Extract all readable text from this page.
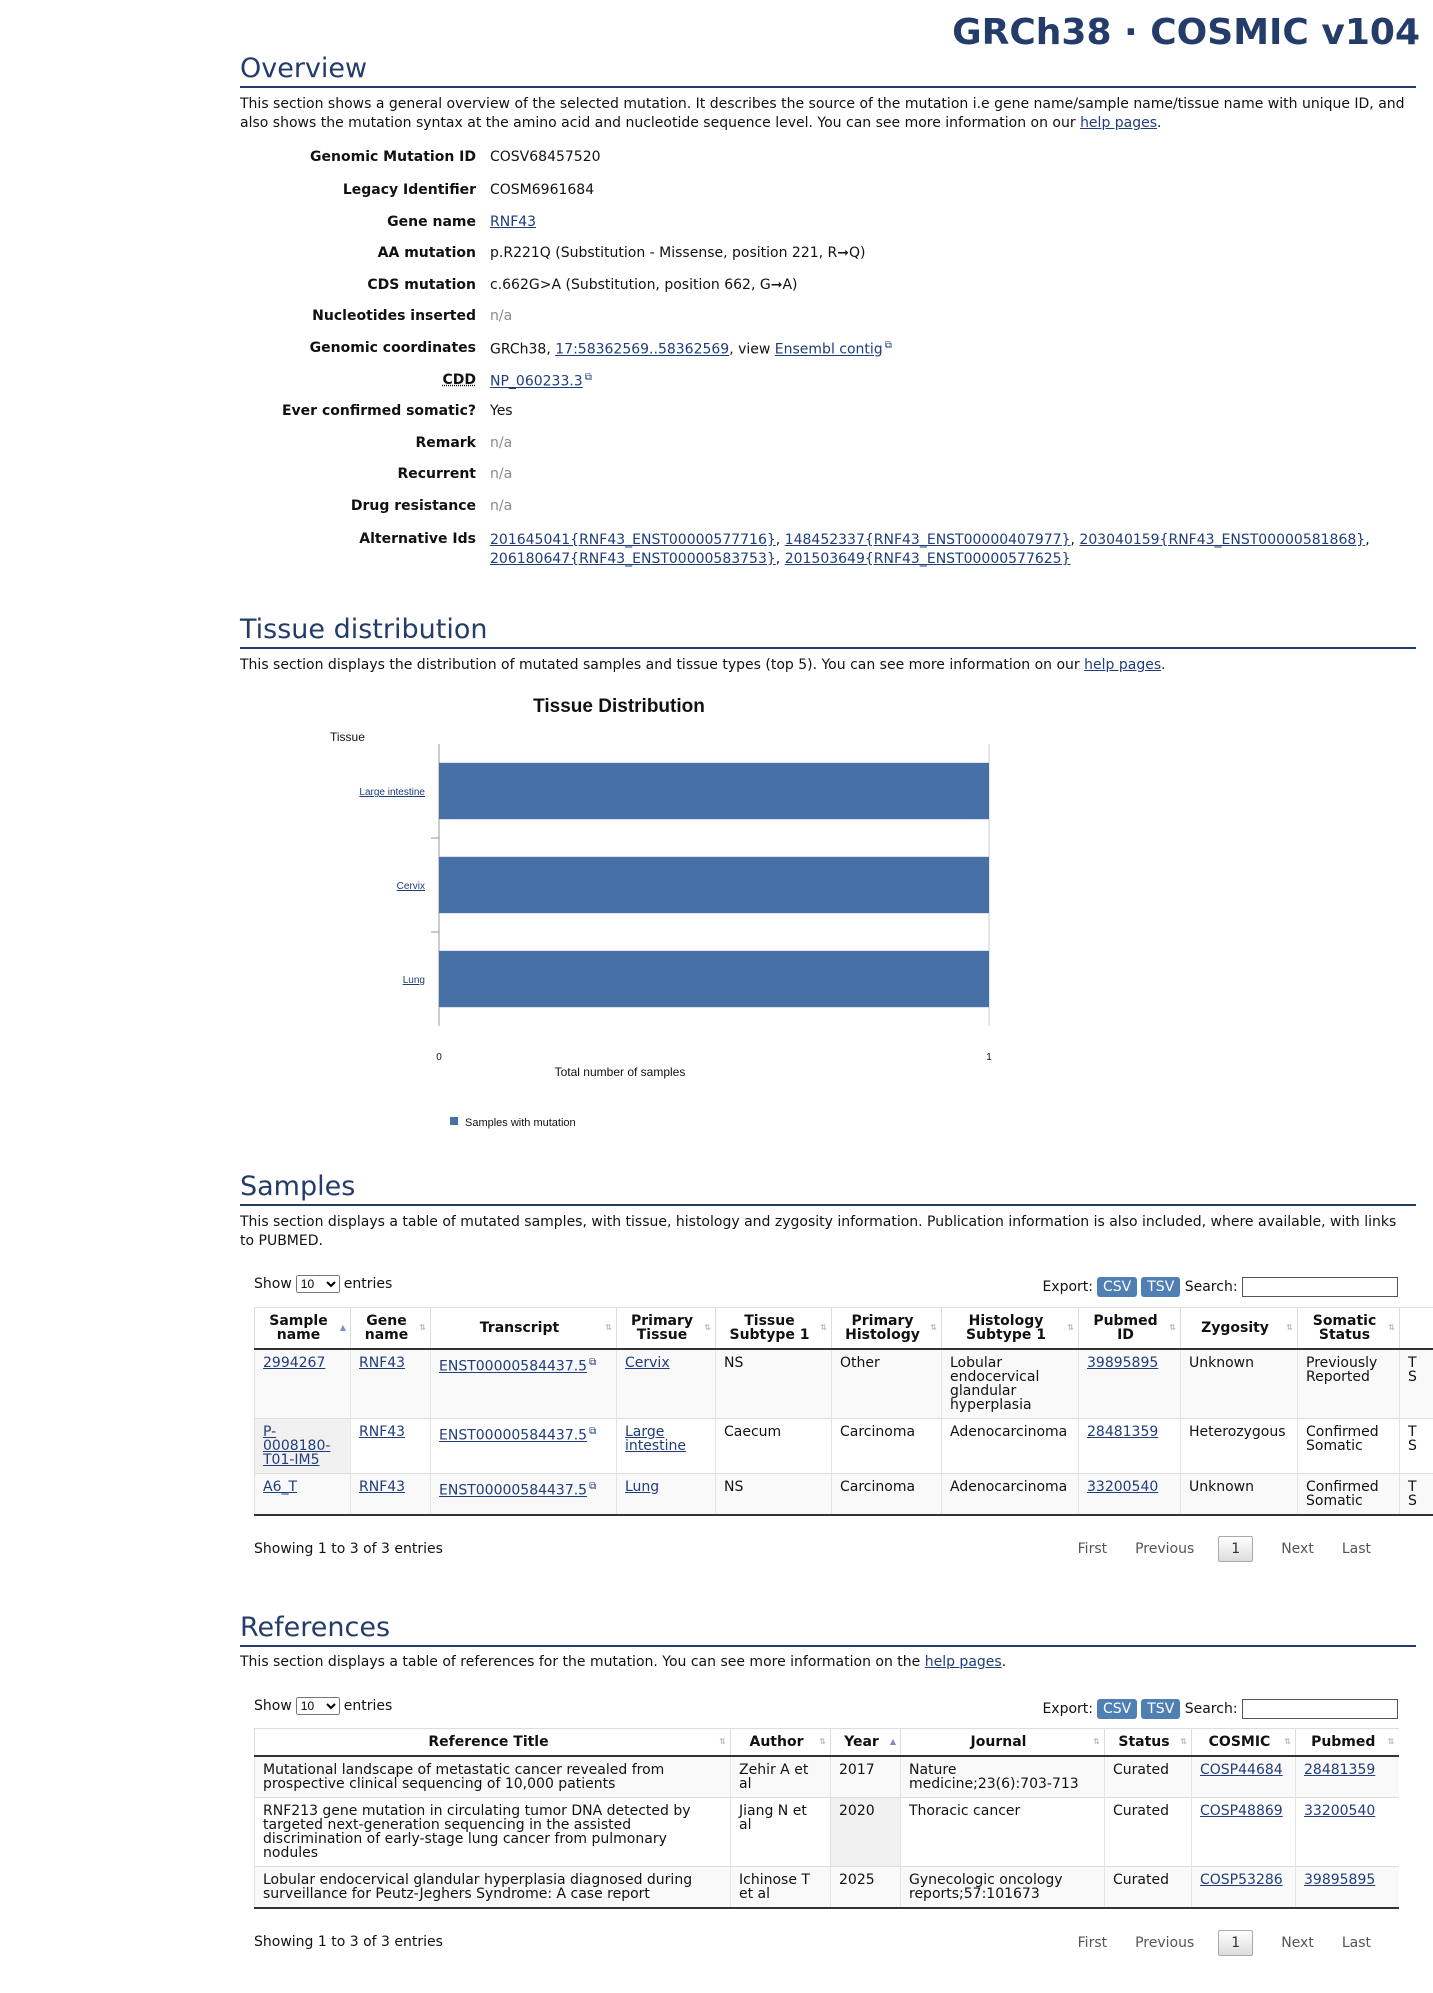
GRCh38 · COSMIC v104
Overview
This section shows a general overview of the selected mutation. It describes the source of the mutation i.e gene name/sample name/tissue name with unique ID, and also shows the mutation syntax at the amino acid and nucleotide sequence level. You can see more information on our help pages.
Genomic Mutation ID COSV68457520
Legacy Identifier COSM6961684
Gene name RNF43
AA mutation p.R221Q (Substitution - Missense, position 221, R➞Q)
CDS mutation c.662G>A (Substitution, position 662, G➞A)
Nucleotides inserted n/a
Genomic coordinates GRCh38, 17:58362569..58362569, view Ensembl contig ⧉
CDD NP_060233.3 ⧉
Ever confirmed somatic? Yes
Remark n/a
Recurrent n/a
Drug resistance n/a
Alternative Ids 201645041{RNF43_ENST00000577716}, 148452337{RNF43_ENST00000407977}, 203040159{RNF43_ENST00000581868}, 206180647{RNF43_ENST00000583753}, 201503649{RNF43_ENST00000577625}
Tissue distribution
This section displays the distribution of mutated samples and tissue types (top 5). You can see more information on our help pages.
Tissue Distribution
Tissue
Large intestine
Cervix
Lung
0	1
Total number of samples
Samples with mutation
Samples
This section displays a table of mutated samples, with tissue, histology and zygosity information. Publication information is also included, where available, with links to PUBMED.
Show
10	entries	Export: CSV TSV Search:
Sample name ▲	Gene name ⇅	Transcript ⇅	Primary Tissue ⇅	Tissue Subtype 1 ⇅	Primary Histology ⇅	Histology Subtype 1 ⇅	Pubmed ID ⇅	Zygosity ⇅	Somatic Status ⇅	

2994267	RNF43	ENST00000584437.5 ⧉	Cervix	NS	Other	Lobular endocervical glandular hyperplasia	39895895	Unknown	Previously Reported	T S
P-0008180-T01-IM5	RNF43	ENST00000584437.5 ⧉	Large intestine	Caecum	Carcinoma	Adenocarcinoma	28481359	Heterozygous	Confirmed Somatic	T S
A6_T	RNF43	ENST00000584437.5 ⧉	Lung	NS	Carcinoma	Adenocarcinoma	33200540	Unknown	Confirmed Somatic	T S
Showing 1 to 3 of 3 entries	First Previous	1	Next Last
References
This section displays a table of references for the mutation. You can see more information on the help pages.
Show
10	entries	Export: CSV TSV Search:
Reference Title ⇅	Author ⇅	Year ▲	Journal ⇅	Status ⇅	COSMIC ⇅	Pubmed ⇅

Mutational landscape of metastatic cancer revealed from prospective clinical sequencing of 10,000 patients	Zehir A et al	2017	Nature medicine;23(6):703-713	Curated	COSP44684	28481359
RNF213 gene mutation in circulating tumor DNA detected by targeted next-generation sequencing in the assisted discrimination of early-stage lung cancer from pulmonary nodules	Jiang N et al	2020	Thoracic cancer	Curated	COSP48869	33200540
Lobular endocervical glandular hyperplasia diagnosed during surveillance for Peutz-Jeghers Syndrome: A case report	Ichinose T et al	2025	Gynecologic oncology reports;57:101673	Curated	COSP53286	39895895
Showing 1 to 3 of 3 entries	First Previous	1	Next Last
